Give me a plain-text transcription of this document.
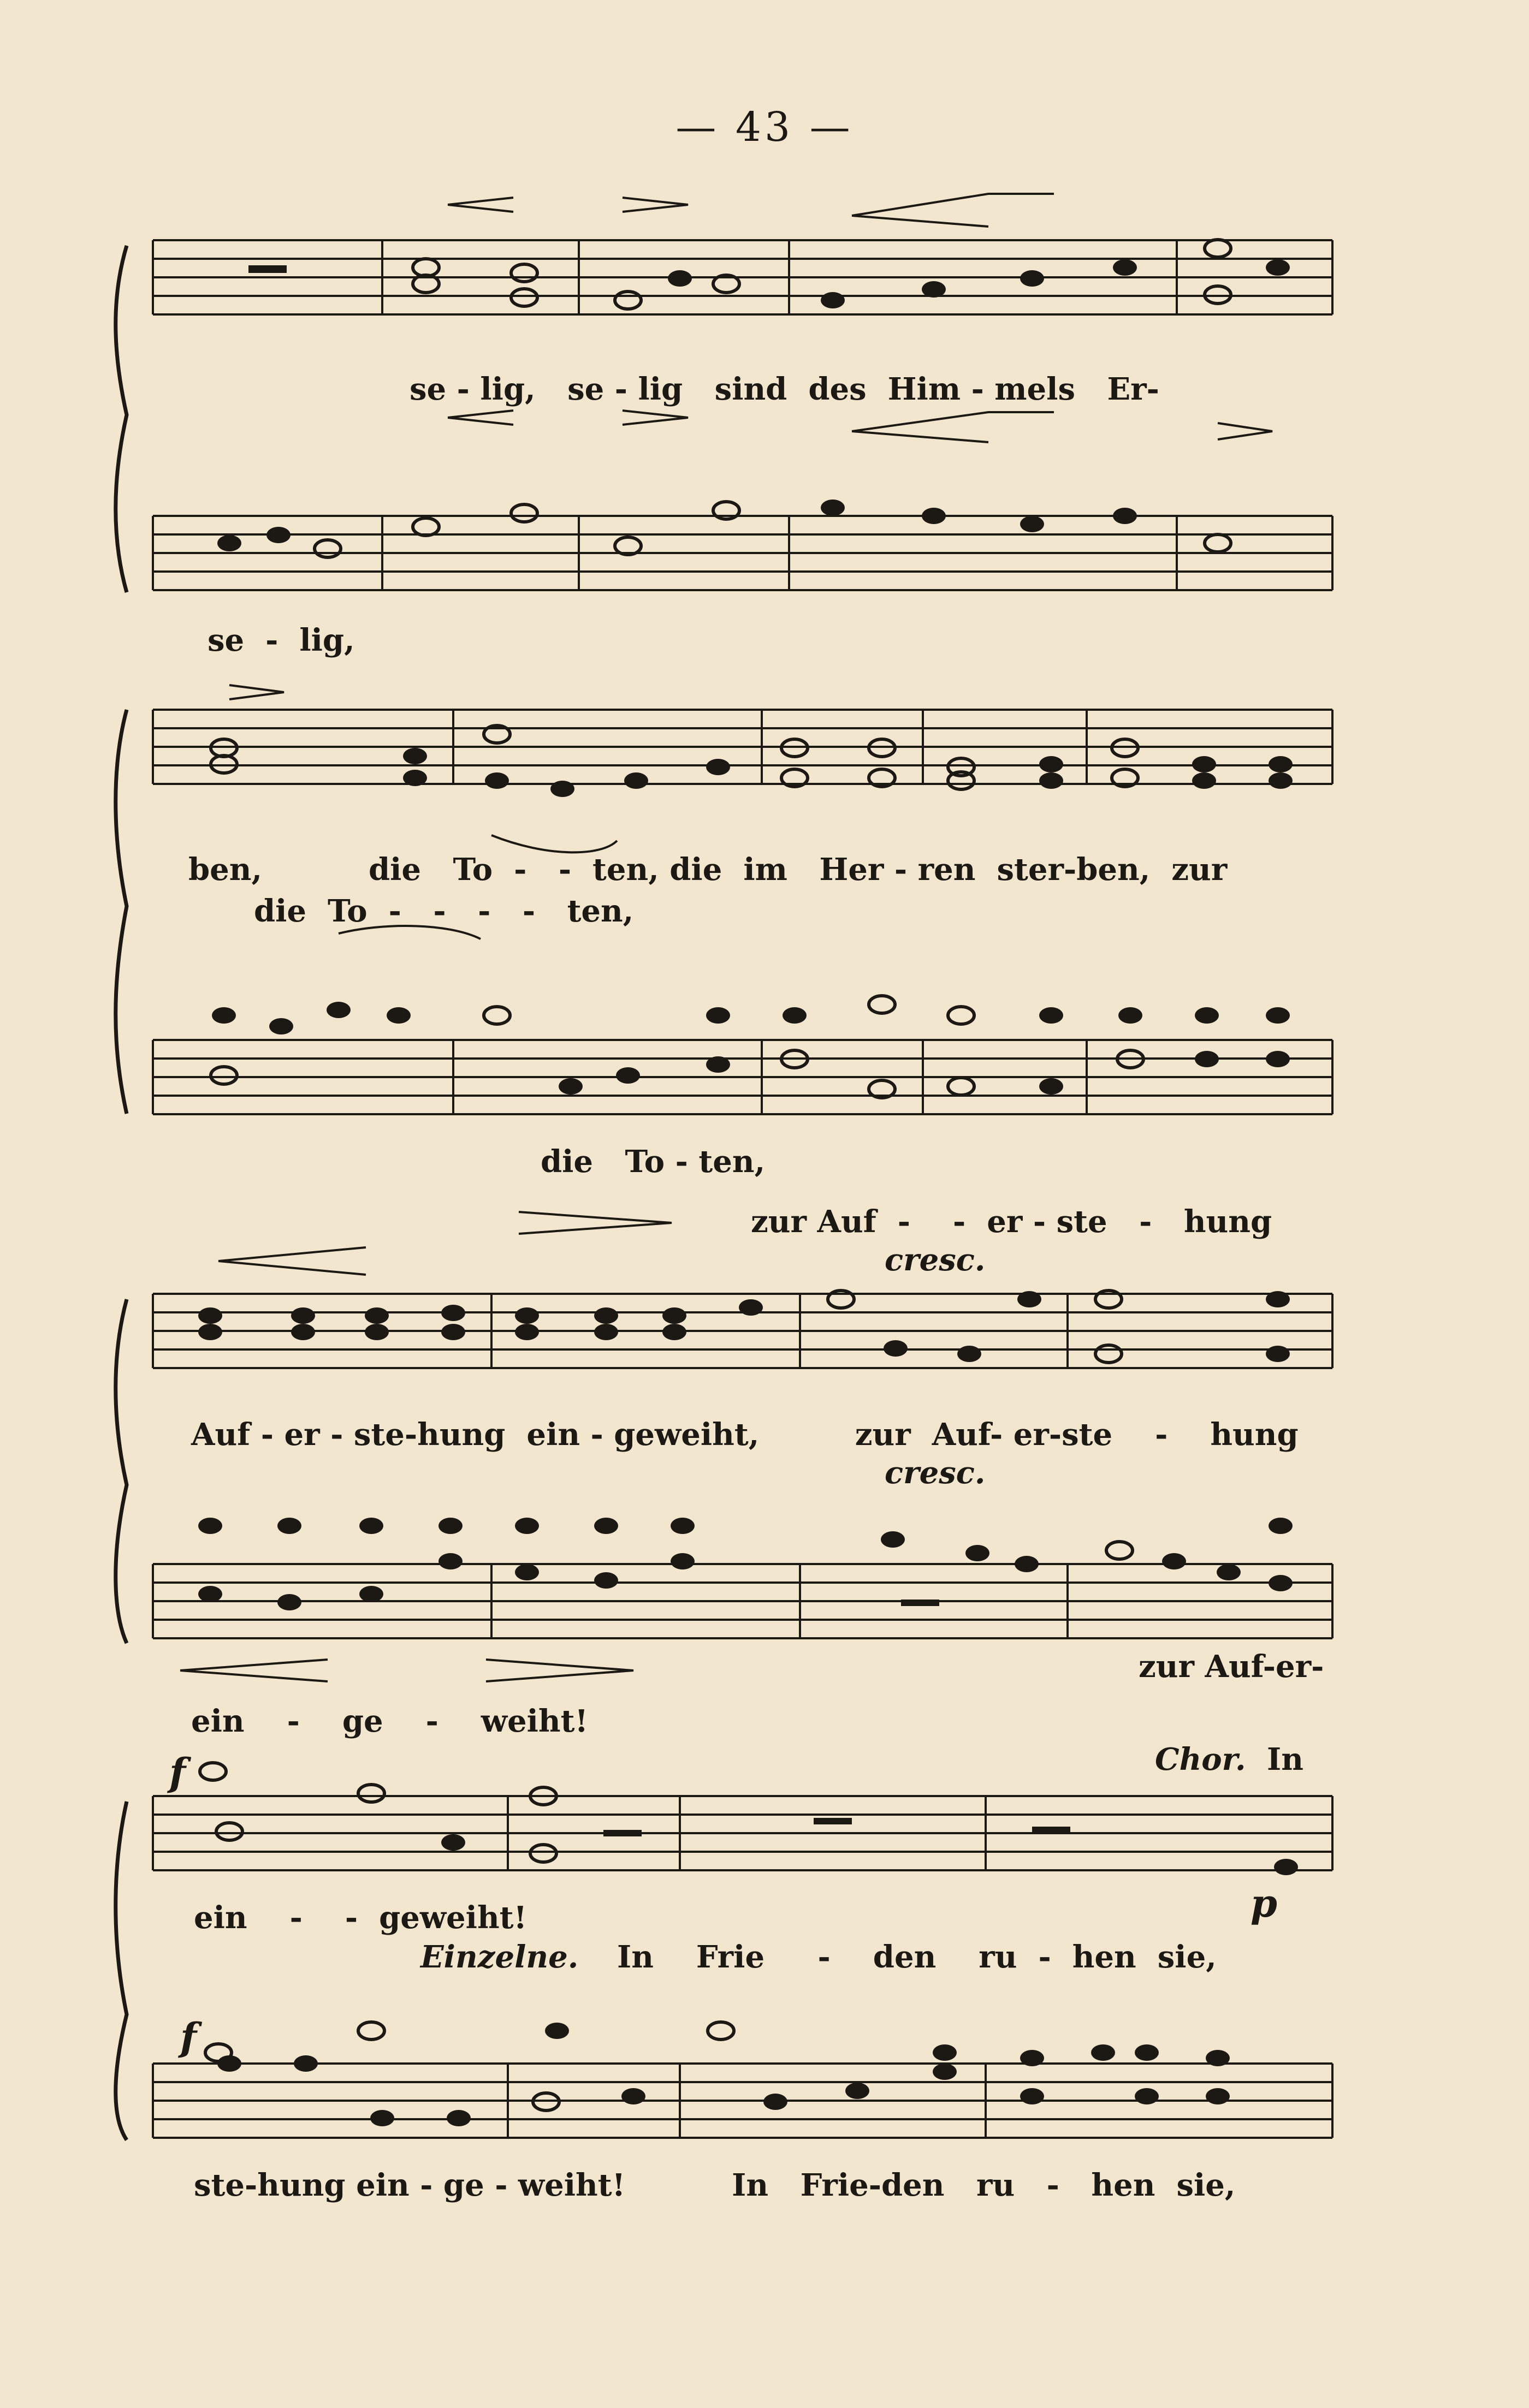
— 43 —
se - lig,   se - lig   sind  des  Him - mels   Er-
se  -  lig,
ben,          die   To  -   -  ten, die  im   Her - ren  ster-ben,  zur
die  To  -   -   -   -   ten,
die   To - ten,
zur Auf  -    -  er - ste   -   hung
cresc.
Auf - er - ste-hung  ein - geweiht,         zur  Auf- er-ste    -    hung
cresc.
zur Auf-er-
ein    -    ge    -    weiht!
Chor. In
f
p
ein    -    -  geweiht!
Einzelne. In    Frie     -    den    ru  -  hen  sie,
f
ste-hung ein - ge - weiht!          In   Frie-den   ru   -   hen  sie,
